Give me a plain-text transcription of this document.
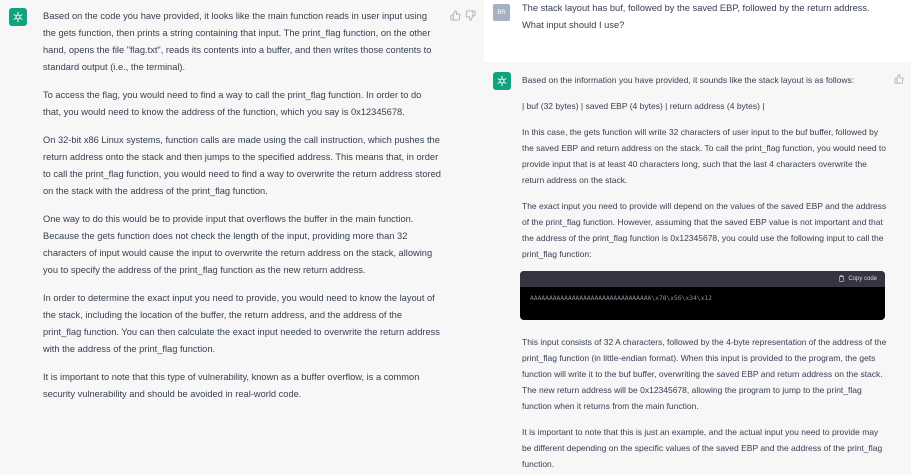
Based on the code you have provided, it looks like the main function reads in user input using the gets function, then prints a string containing that input. The print_flag function, on the other hand, opens the file "flag.txt", reads its contents into a buffer, and then writes those contents to standard output (i.e., the terminal).

To access the flag, you would need to find a way to call the print_flag function. In order to do that, you would need to know the address of the function, which you say is 0x12345678.

On 32-bit x86 Linux systems, function calls are made using the call instruction, which pushes the return address onto the stack and then jumps to the specified address. This means that, in order to call the print_flag function, you would need to find a way to overwrite the return address stored on the stack with the address of the print_flag function.

One way to do this would be to provide input that overflows the buffer in the main function. Because the gets function does not check the length of the input, providing more than 32 characters of input would cause the input to overwrite the return address on the stack, allowing you to specify the address of the print_flag function as the new return address.

In order to determine the exact input you need to provide, you would need to know the layout of the stack, including the location of the buffer, the return address, and the address of the print_flag function. You can then calculate the exact input needed to overwrite the return address with the address of the print_flag function.

It is important to note that this type of vulnerability, known as a buffer overflow, is a common security vulnerability and should be avoided in real-world code.

BR	The stack layout has buf, followed by the saved EBP, followed by the return address. What input should I use?

Based on the information you have provided, it sounds like the stack layout is as follows:

| buf (32 bytes) | saved EBP (4 bytes) | return address (4 bytes) |

In this case, the gets function will write 32 characters of user input to the buf buffer, followed by the saved EBP and return address on the stack. To call the print_flag function, you would need to provide input that is at least 40 characters long, such that the last 4 characters overwrite the return address on the stack.

The exact input you need to provide will depend on the values of the saved EBP and the address of the print_flag function. However, assuming that the saved EBP value is not important and that the address of the print_flag function is 0x12345678, you could use the following input to call the print_flag function:

Copy code
AAAAAAAAAAAAAAAAAAAAAAAAAAAAAAAA\x78\x56\x34\x12

This input consists of 32 A characters, followed by the 4-byte representation of the address of the print_flag function (in little-endian format). When this input is provided to the program, the gets function will write it to the buf buffer, overwriting the saved EBP and return address on the stack. The new return address will be 0x12345678, allowing the program to jump to the print_flag function when it returns from the main function.

It is important to note that this is just an example, and the actual input you need to provide may be different depending on the specific values of the saved EBP and the address of the print_flag function.
